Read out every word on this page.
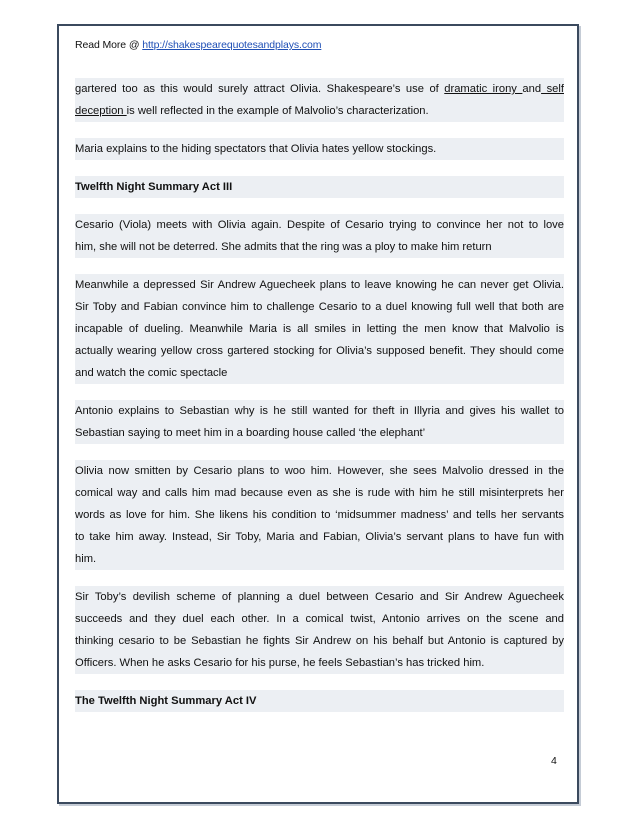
Read More @ http://shakespearequotesandplays.com
gartered too as this would surely attract Olivia. Shakespeare’s use of dramatic irony and self
deception is well reflected in the example of Malvolio’s characterization.
Maria explains to the hiding spectators that Olivia hates yellow stockings.
Twelfth Night Summary Act III
Cesario (Viola) meets with Olivia again. Despite of Cesario trying to convince her not to love
him, she will not be deterred. She admits that the ring was a ploy to make him return
Meanwhile a depressed Sir Andrew Aguecheek plans to leave knowing he can never get Olivia.
Sir Toby and Fabian convince him to challenge Cesario to a duel knowing full well that both are
incapable of dueling. Meanwhile Maria is all smiles in letting the men know that Malvolio is
actually wearing yellow cross gartered stocking for Olivia’s supposed benefit. They should come
and watch the comic spectacle
Antonio explains to Sebastian why is he still wanted for theft in Illyria and gives his wallet to
Sebastian saying to meet him in a boarding house called ‘the elephant’
Olivia now smitten by Cesario plans to woo him. However, she sees Malvolio dressed in the
comical way and calls him mad because even as she is rude with him he still misinterprets her
words as love for him. She likens his condition to ‘midsummer madness’ and tells her servants
to take him away. Instead, Sir Toby, Maria and Fabian, Olivia’s servant plans to have fun with
him.
Sir Toby’s devilish scheme of planning a duel between Cesario and Sir Andrew Aguecheek
succeeds and they duel each other. In a comical twist, Antonio arrives on the scene and
thinking cesario to be Sebastian he fights Sir Andrew on his behalf but Antonio is captured by
Officers. When he asks Cesario for his purse, he feels Sebastian’s has tricked him.
The Twelfth Night Summary Act IV
4
